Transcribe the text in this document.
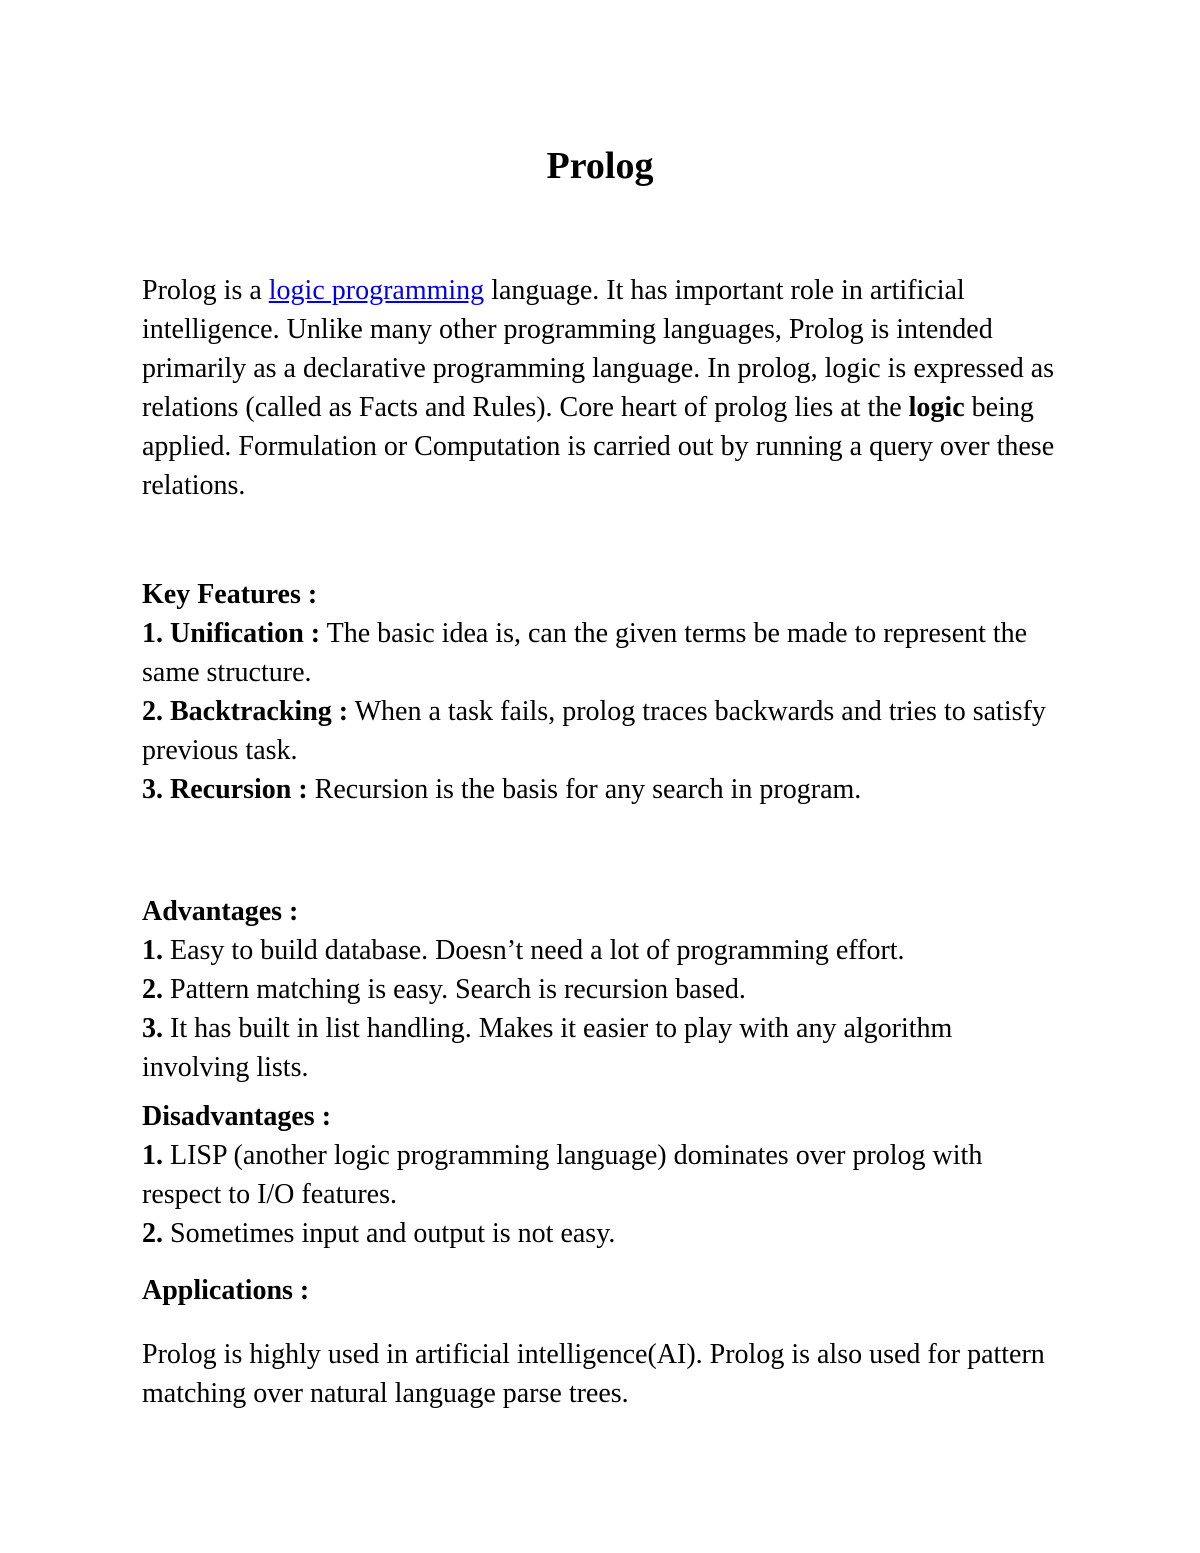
Prolog

Prolog is a logic programming language. It has important role in artificial intelligence. Unlike many other programming languages, Prolog is intended primarily as a declarative programming language. In prolog, logic is expressed as relations (called as Facts and Rules). Core heart of prolog lies at the logic being applied. Formulation or Computation is carried out by running a query over these relations.

Key Features :
1. Unification : The basic idea is, can the given terms be made to represent the same structure.
2. Backtracking : When a task fails, prolog traces backwards and tries to satisfy previous task.
3. Recursion : Recursion is the basis for any search in program.
Advantages :
1. Easy to build database. Doesn’t need a lot of programming effort.
2. Pattern matching is easy. Search is recursion based.
3. It has built in list handling. Makes it easier to play with any algorithm involving lists.
Disadvantages :
1. LISP (another logic programming language) dominates over prolog with respect to I/O features.
2. Sometimes input and output is not easy.
Applications :

Prolog is highly used in artificial intelligence(AI). Prolog is also used for pattern matching over natural language parse trees.
